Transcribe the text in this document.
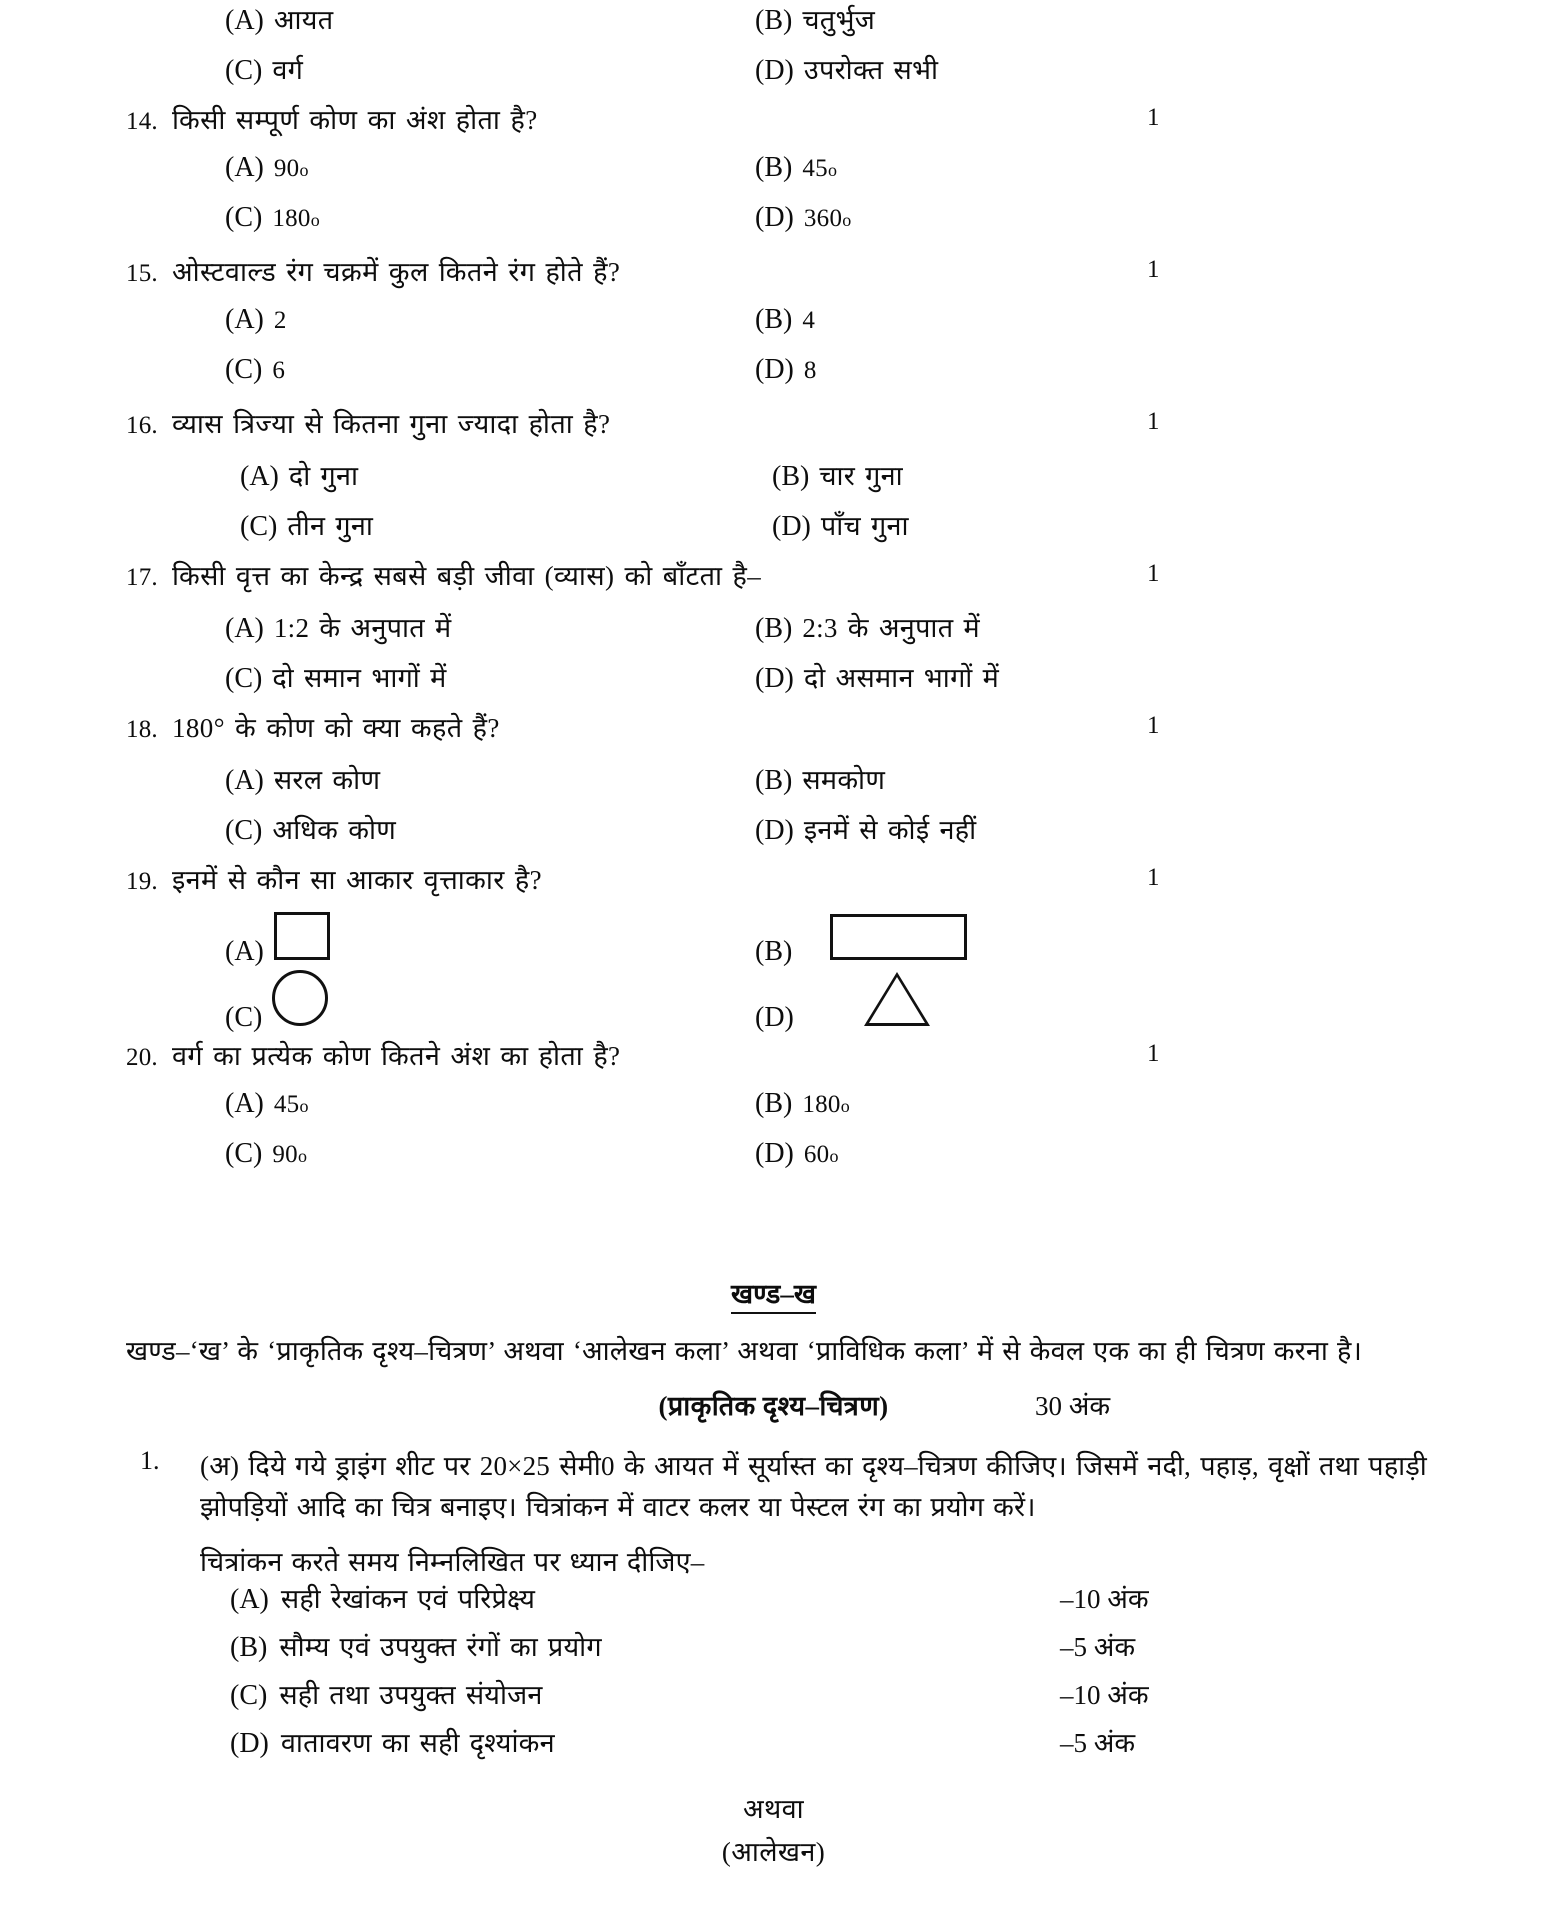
(A) आयत	(B) चतुर्भुज
(C) वर्ग	(D) उपरोक्त सभी
14. किसी सम्पूर्ण कोण का अंश होता है?	1
(A) 90 o	(B) 45 o
(C) 180 o	(D) 360 o
15. ओस्टवाल्ड रंग चक्रमें कुल कितने रंग होते हैं?	1
(A) 2	(B) 4
(C) 6	(D) 8
16. व्यास त्रिज्या से कितना गुना ज्यादा होता है?	1
(A) दो गुना	(B) चार गुना
(C) तीन गुना	(D) पाँच गुना
17. किसी वृत्त का केन्द्र सबसे बड़ी जीवा (व्यास) को बाँटता है–	1
(A) 1:2 के अनुपात में	(B) 2:3 के अनुपात में
(C) दो समान भागों में	(D) दो असमान भागों में
18. 180° के कोण को क्या कहते हैं?	1
(A) सरल कोण	(B) समकोण
(C) अधिक कोण	(D) इनमें से कोई नहीं
19. इनमें से कौन सा आकार वृत्ताकार है?	1
(A)	(B)
(C)	(D)
20. वर्ग का प्रत्येक कोण कितने अंश का होता है?	1
(A) 45 o	(B) 180 o
(C) 90 o	(D) 60 o
खण्ड–ख
खण्ड–‘ख’ के ‘प्राकृतिक दृश्य–चित्रण’ अथवा ‘आलेखन कला’ अथवा ‘प्राविधिक कला’ में से केवल एक का ही चित्रण करना है।
(प्राकृतिक दृश्य–चित्रण)	30 अंक
1.	(अ) दिये गये ड्राइंग शीट पर 20×25 सेमी0 के आयत में सूर्यास्त का दृश्य–चित्रण कीजिए। जिसमें नदी, पहाड़, वृक्षों तथा पहाड़ी झोपड़ियों आदि का चित्र बनाइए। चित्रांकन में वाटर कलर या पेस्टल रंग का प्रयोग करें।
चित्रांकन करते समय निम्नलिखित पर ध्यान दीजिए–
(A) सही रेखांकन एवं परिप्रेक्ष्य	–10 अंक
(B) सौम्य एवं उपयुक्त रंगों का प्रयोग	–5 अंक
(C) सही तथा उपयुक्त संयोजन	–10 अंक
(D) वातावरण का सही दृश्यांकन	–5 अंक
अथवा
(आलेखन)
